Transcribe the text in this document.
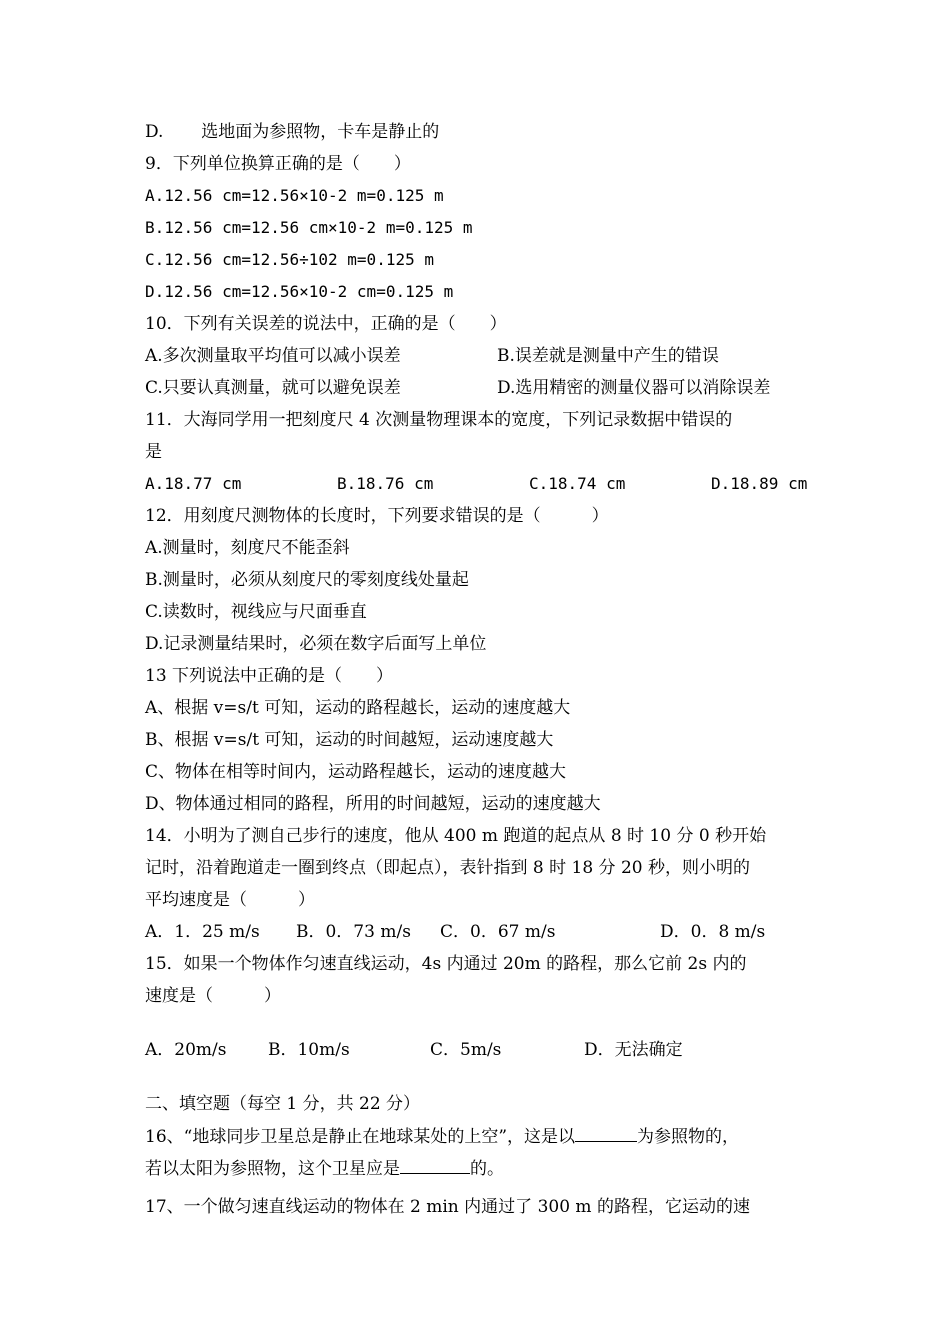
D.       选地面为参照物，卡车是静止的
9．下列单位换算正确的是（　　）
A.12.56 cm=12.56×10-2 m=0.125 m
B.12.56 cm=12.56 cm×10-2 m=0.125 m
C.12.56 cm=12.56÷102 m=0.125 m
D.12.56 cm=12.56×10-2 cm=0.125 m
10．下列有关误差的说法中，正确的是（　　）
A.多次测量取平均值可以减小误差	B.误差就是测量中产生的错误
C.只要认真测量，就可以避免误差	D.选用精密的测量仪器可以消除误差
11．大海同学用一把刻度尺 4 次测量物理课本的宽度，下列记录数据中错误的
是
A.18.77 cm	B.18.76 cm	C.18.74 cm	D.18.89 cm
12．用刻度尺测物体的长度时，下列要求错误的是（　　　）
A.测量时，刻度尺不能歪斜
B.测量时，必须从刻度尺的零刻度线处量起
C.读数时，视线应与尺面垂直
D.记录测量结果时，必须在数字后面写上单位
13 下列说法中正确的是（　　）
A、根据 v=s/t 可知，运动的路程越长，运动的速度越大
B、根据 v=s/t 可知，运动的时间越短，运动速度越大
C、物体在相等时间内，运动路程越长，运动的速度越大
D、物体通过相同的路程，所用的时间越短，运动的速度越大
14．小明为了测自己步行的速度，他从 400 m 跑道的起点从 8 时 10 分 0 秒开始
记时，沿着跑道走一圈到终点（即起点），表针指到 8 时 18 分 20 秒，则小明的
平均速度是（　　　）
A．1．25 m/s B．0．73 m/s C．0．67 m/s	D．0．8 m/s
15．如果一个物体作匀速直线运动，4s 内通过 20m 的路程，那么它前 2s 内的
速度是（　　　）
A．20m/s B．10m/s	C．5m/s	D．无法确定
二、填空题（每空 1 分，共 22 分）
16、“地球同步卫星总是静止在地球某处的上空”，这是以	为参照物的，
若以太阳为参照物，这个卫星应是	的。
17、一个做匀速直线运动的物体在 2 min 内通过了 300 m 的路程，它运动的速
